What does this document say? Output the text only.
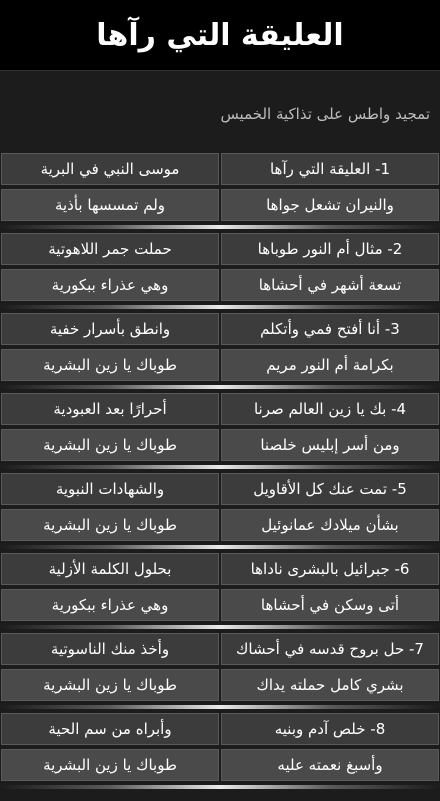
العليقة التي رآها
تمجيد واطس على تذاكية الخميس
1- العليقة التي رآها
موسى النبي في البرية
والنيران تشعل جواها
ولم تمسسها بأذية
2- مثال أم النور طوباها
حملت جمر اللاهوتية
تسعة أشهر في أحشاها
وهي عذراء ببكورية
3- أنا أفتح فمي وأتكلم
وانطق بأسرار خفية
بكرامة أم النور مريم
طوباك يا زين البشرية
4- بك يا زين العالم صرنا
أحرارًا بعد العبودية
ومن أسر إبليس خلصنا
طوباك يا زين البشرية
5- تمت عنك كل الأقاويل
والشهادات النبوية
بشأن ميلادك عمانوئيل
طوباك يا زين البشرية
6- جبرائيل بالبشرى ناداها
بحلول الكلمة الأزلية
أتى وسكن في أحشاها
وهي عذراء ببكورية
7- حل بروح قدسه في أحشاك
وأخذ منك الناسوتية
بشري كامل حملته يداك
طوباك يا زين البشرية
8- خلص آدم وبنيه
وأبراه من سم الحية
وأسبغ نعمته عليه
طوباك يا زين البشرية
